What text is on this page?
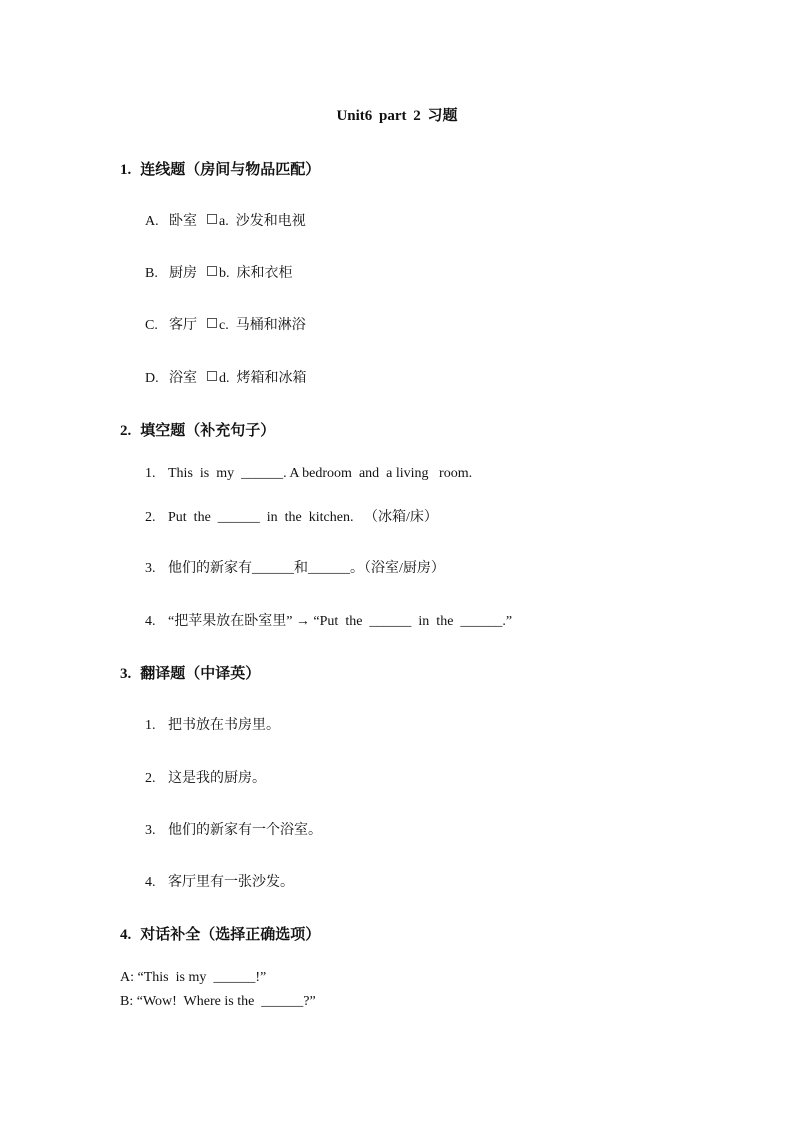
Unit6 part 2 习题
1. 连线题（房间与物品匹配）
A. 卧室 a.  沙发和电视
B. 厨房 b.  床和衣柜
C. 客厅 c.  马桶和淋浴
D. 浴室 d.  烤箱和冰箱
2. 填空题（补充句子）
1. This  is  my  ______. A bedroom  and  a living   room.
2. Put  the  ______  in  the  kitchen.   （冰箱/床）
3. 他们的新家有______和______。（浴室/厨房）
4. “把苹果放在卧室里” → “Put  the  ______  in  the  ______.”
3. 翻译题（中译英）
1. 把书放在书房里。
2. 这是我的厨房。
3. 他们的新家有一个浴室。
4. 客厅里有一张沙发。
4. 对话补全（选择正确选项）
A: “This  is my  ______!”
B: “Wow!  Where is the  ______?”
